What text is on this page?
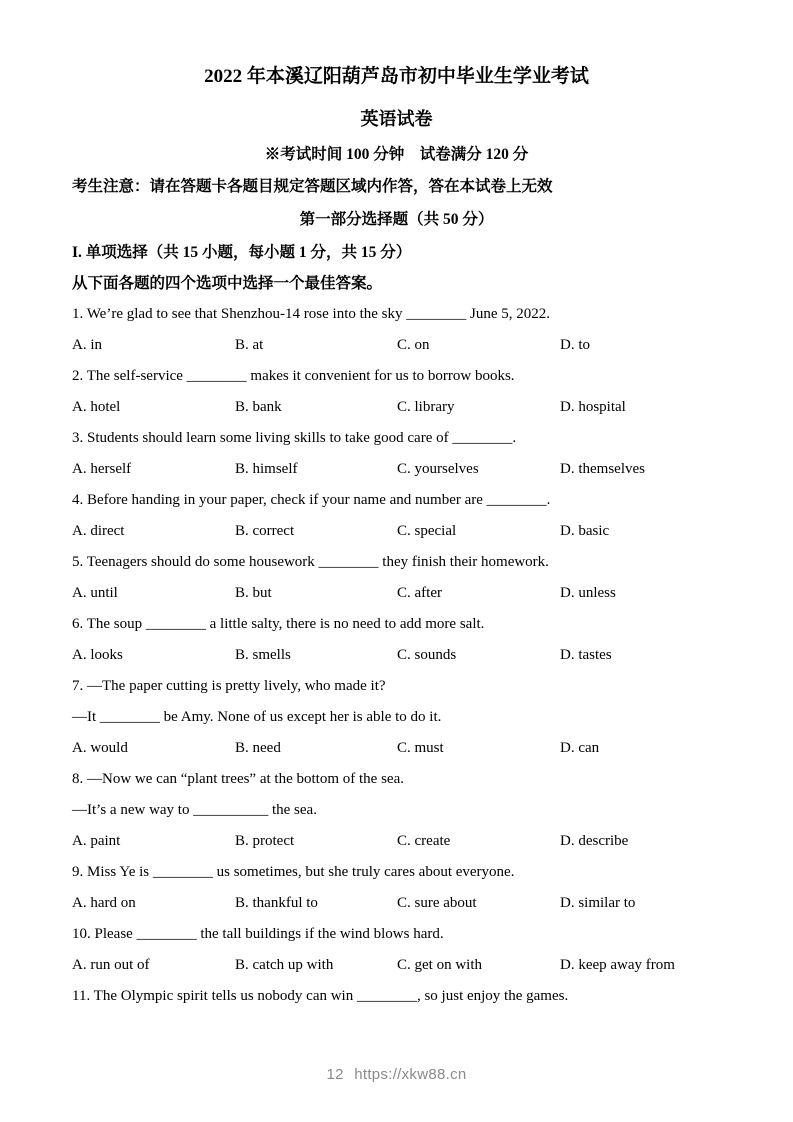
2022 年本溪辽阳葫芦岛市初中毕业生学业考试
英语试卷
※考试时间 100 分钟　试卷满分 120 分
考生注意：请在答题卡各题目规定答题区域内作答，答在本试卷上无效
第一部分选择题（共 50 分）
I. 单项选择（共 15 小题，每小题 1 分，共 15 分）
从下面各题的四个选项中选择一个最佳答案。
1. We’re glad to see that Shenzhou-14 rose into the sky ________ June 5, 2022.
A. in	B. at	C. on	D. to
2. The self-service ________ makes it convenient for us to borrow books.
A. hotel	B. bank	C. library	D. hospital
3. Students should learn some living skills to take good care of ________.
A. herself	B. himself	C. yourselves	D. themselves
4. Before handing in your paper, check if your name and number are ________.
A. direct	B. correct	C. special	D. basic
5. Teenagers should do some housework ________ they finish their homework.
A. until	B. but	C. after	D. unless
6. The soup ________ a little salty, there is no need to add more salt.
A. looks	B. smells	C. sounds	D. tastes
7. —The paper cutting is pretty lively, who made it?
—It ________ be Amy. None of us except her is able to do it.
A. would	B. need	C. must	D. can
8. —Now we can “plant trees” at the bottom of the sea.
—It’s a new way to __________ the sea.
A. paint	B. protect	C. create	D. describe
9. Miss Ye is ________ us sometimes, but she truly cares about everyone.
A. hard on	B. thankful to	C. sure about	D. similar to
10. Please ________ the tall buildings if the wind blows hard.
A. run out of	B. catch up with	C. get on with	D. keep away from
11. The Olympic spirit tells us nobody can win ________, so just enjoy the games.
12 https://xkw88.cn
